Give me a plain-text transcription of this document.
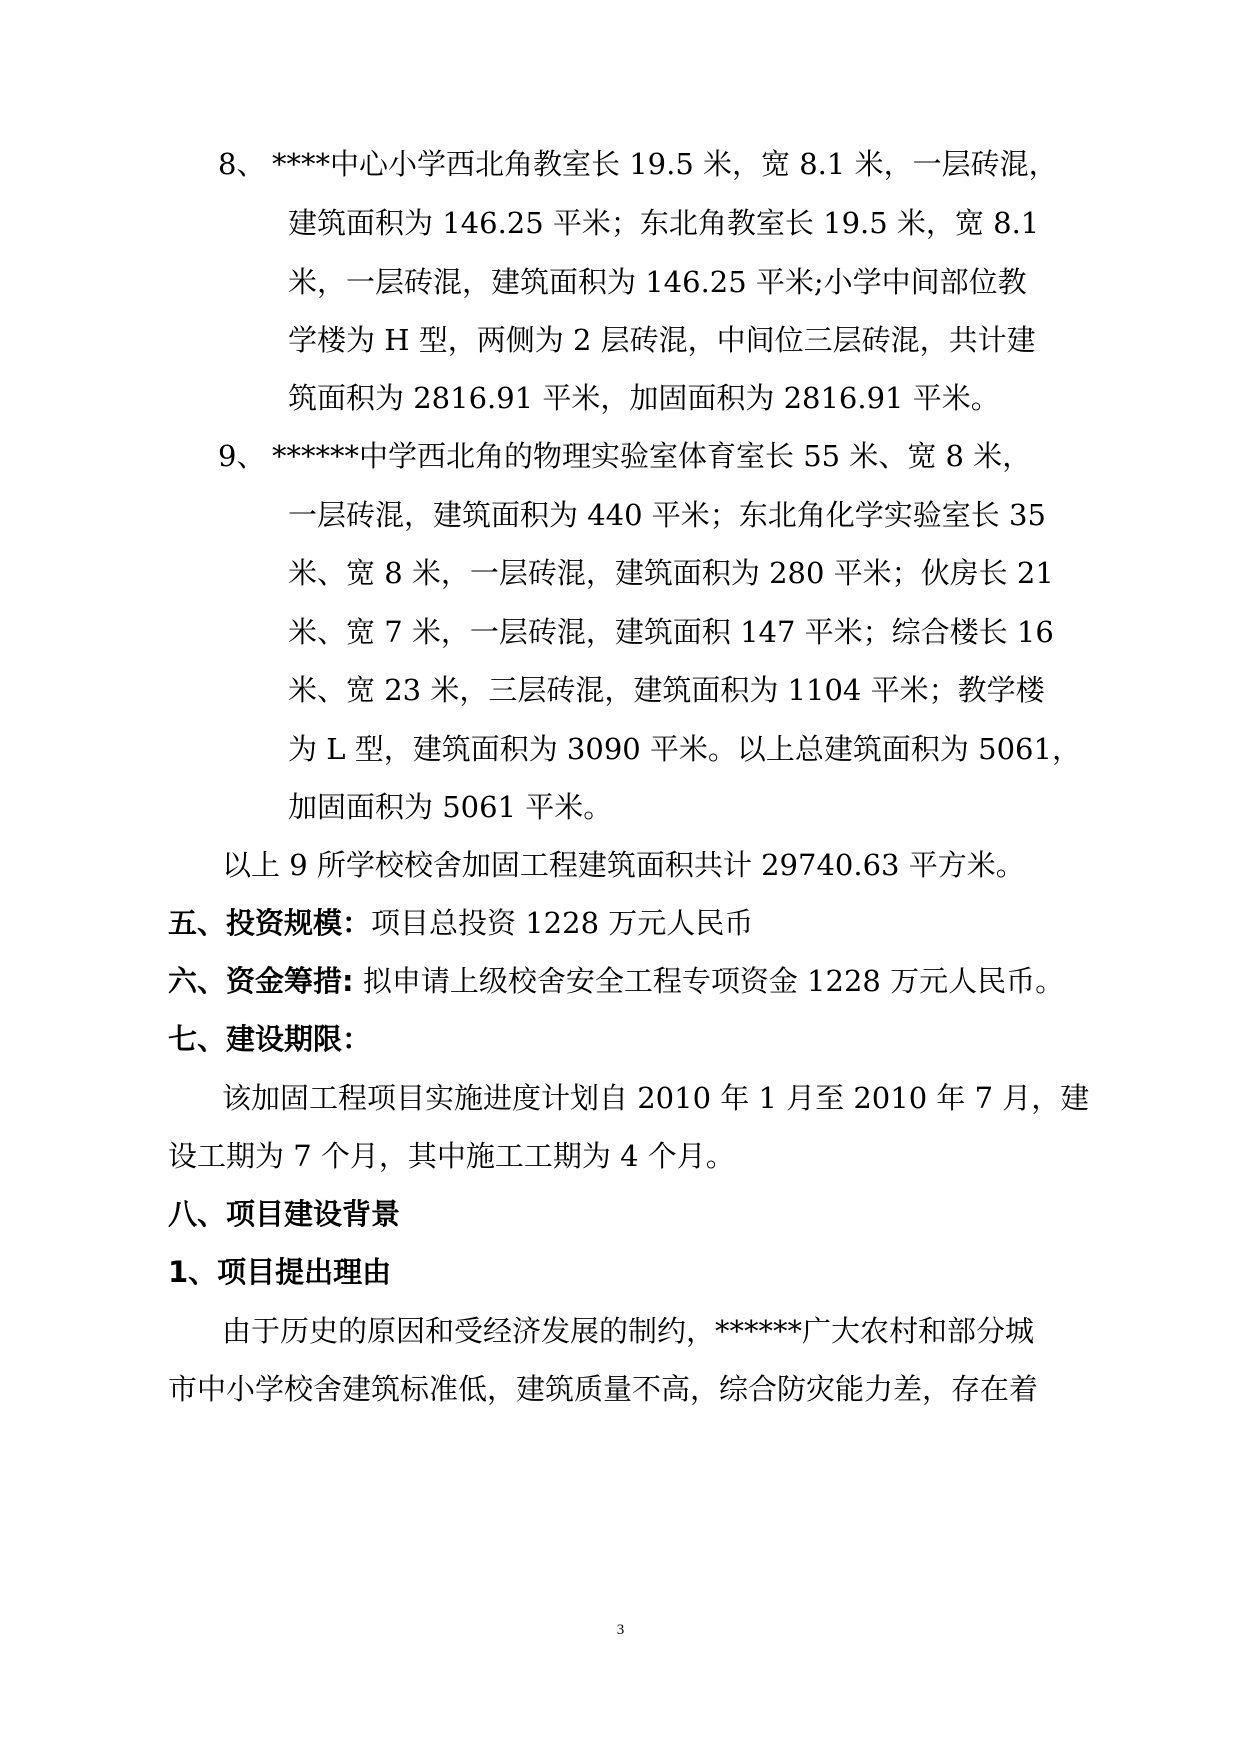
8、 ****中心小学西北角教室长 19.5 米，宽 8.1 米，一层砖混，
建筑面积为 146.25 平米；东北角教室长 19.5 米，宽 8.1
米，一层砖混，建筑面积为 146.25 平米;小学中间部位教
学楼为 H 型，两侧为 2 层砖混，中间位三层砖混，共计建
筑面积为 2816.91 平米，加固面积为 2816.91 平米。
9、 ******中学西北角的物理实验室体育室长 55 米、宽 8 米，
一层砖混，建筑面积为 440 平米；东北角化学实验室长 35
米、宽 8 米，一层砖混，建筑面积为 280 平米；伙房长 21
米、宽 7 米，一层砖混，建筑面积 147 平米；综合楼长 16
米、宽 23 米，三层砖混，建筑面积为 1104 平米；教学楼
为 L 型，建筑面积为 3090 平米。以上总建筑面积为 5061，
加固面积为 5061 平米。
以上 9 所学校校舍加固工程建筑面积共计 29740.63 平方米。
五、投资规模：项目总投资 1228 万元人民币
六、资金筹措: 拟申请上级校舍安全工程专项资金 1228 万元人民币。
七、建设期限：
该加固工程项目实施进度计划自 2010 年 1 月至 2010 年 7 月，建
设工期为 7 个月，其中施工工期为 4 个月。
八、项目建设背景
1、项目提出理由
由于历史的原因和受经济发展的制约，******广大农村和部分城
市中小学校舍建筑标准低，建筑质量不高，综合防灾能力差，存在着
3
